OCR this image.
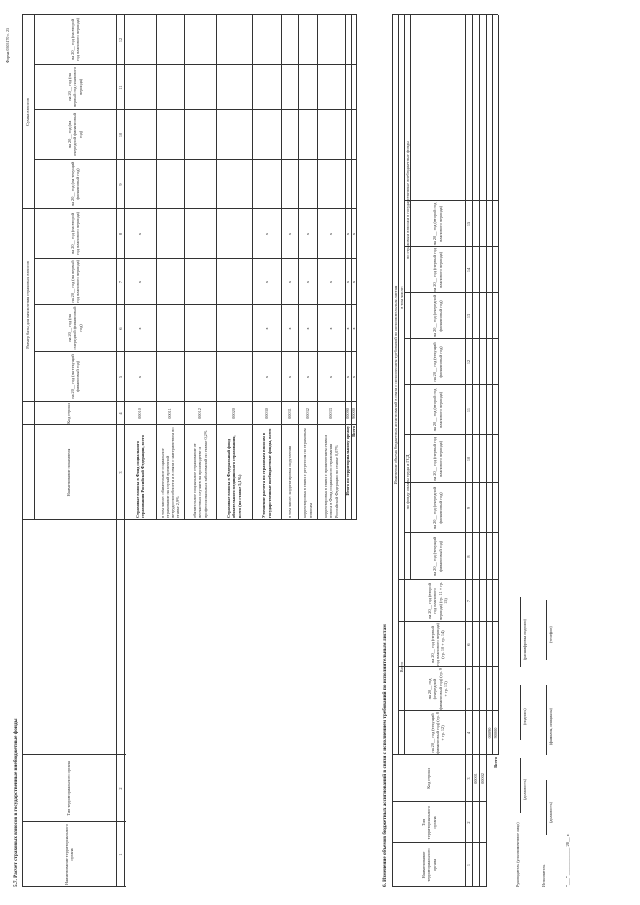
Форма 0505170 с. 25
5.7. Расчет страховых взносов в государственные внебюджетные фонды	Наименование территориального органа
Тип территориального органа
Наименование показателя
Код строки
Размер базы для начисления страховых взносов
Сумма взносов
на 20__ год (на текущий финансовый год)
на 20__ год (на очередной финансовый год)
на 20__ год (на первый год планового периода)
на 20__ год (на второй год планового периода)
на 20__ год (на текущий финансовый год)
на 20__ год (на очередной финансовый год)
на 20__ год (на первый год планового периода)
на 20__ год (на второй год планового периода)
1
2
3
4
5
6
7
8
9
10
11
12
Страховые взносы в Фонд социального страхования Российской Федерации, всего
00010
x
x
x
x
в том числе: обязательное социальное страхование на случай временной нетрудоспособности и в связи с материнством по ставке 2,9%
00011
обязательное социальное страхование от несчастных случаев на производстве и профессиональных заболеваний по ставке 0,2%
00012
Страховые взносы в Федеральный фонд обязательного медицинского страхования, всего (по ставке 5,1%)
00020
Уточнение расчета по страховым взносам в государственные внебюджетные фонды, всего
00030
x
x
x
x
в том числе: корректировка округления
00031
x
x
x
x
корректировка в связи с регрессом по страховым взносам
00032
x
x
x
x
корректировка в связи с применением ставки взноса в Фонд социального страхования Российской Федерации по ставке 0,07%
00033
x
x
x
x
Итого по территориальному органу
00090
x
x
x
x
Всего
90000
x
x
x
x
6. Изменение объемов бюджетных ассигнований в связи с исполнением требований по исполнительным листам	Наименование территориального органа
Тип территориального органа
Код строки
Изменение объема бюджетных ассигнований в связи с исполнением требований по исполнительным листам
Всего
в том числе:
по фонду оплаты труда и ГСД
по страховым взносам в государственные внебюджетные фонды
на 20__ год (текущий финансовый год) (гр. 8 + гр. 12)
на 20__ год (очередной финансовый год) (гр. 9 + гр. 13)
на 20__ год (первый год планового периода) (гр. 10 + гр. 14)
на 20__ год (второй год планового периода) (гр. 11 + гр. 15)
на 20__ год (текущий финансовый год)
на 20__ год (очередной финансовый год)
на 20__ год (первый год планового периода)
на 20__ год (второй год планового периода)
на 20__ год (текущий финансовый год)
на 20__ год (очередной финансовый год)
на 20__ год (первый год планового периода)
на 20__ год (второй год планового периода)
1
2
3
4
5
6
7
8
9
10
11
12
13
14
15
00001 00002
00090 90000
Всего
Руководитель (уполномоченное лицо)
(должность)
(подпись)
(расшифровка подписи)
Исполнитель
(должность)
(фамилия, инициалы)
(телефон)
"___" ____________ 20__ г.
